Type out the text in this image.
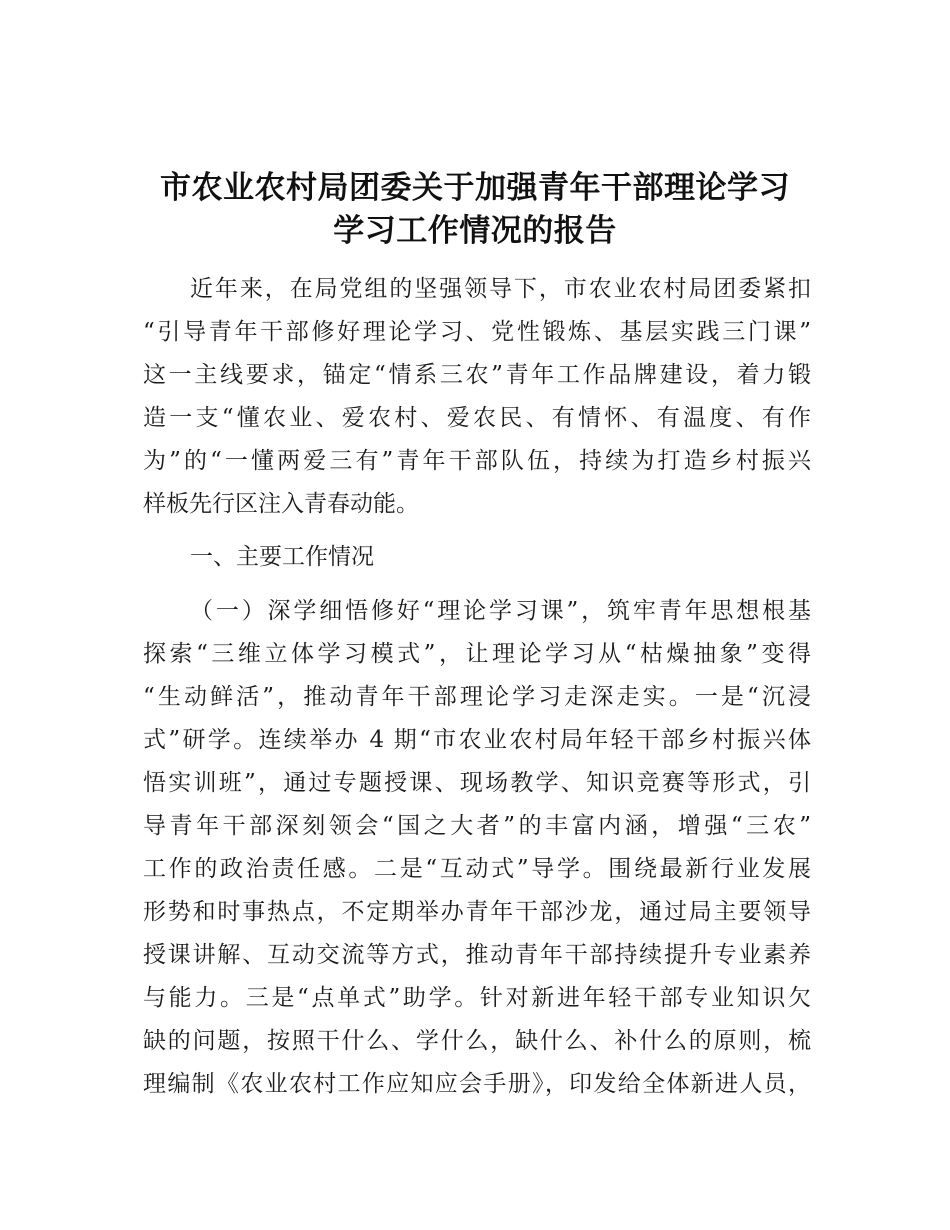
市农业农村局团委关于加强青年干部理论学习
学习工作情况的报告
近年来，在局党组的坚强领导下，市农业农村局团委紧扣
“引导青年干部修好理论学习、党性锻炼、基层实践三门课”
这一主线要求，锚定“情系三农”青年工作品牌建设，着力锻
造一支“懂农业、爱农村、爱农民、有情怀、有温度、有作
为”的“一懂两爱三有”青年干部队伍，持续为打造乡村振兴
样板先行区注入青春动能。
一、主要工作情况
（一）深学细悟修好“理论学习课”，筑牢青年思想根基
探索“三维立体学习模式”，让理论学习从“枯燥抽象”变得
“生动鲜活”，推动青年干部理论学习走深走实。一是“沉浸
式”研学。连续举办 4 期“市农业农村局年轻干部乡村振兴体
悟实训班”，通过专题授课、现场教学、知识竞赛等形式，引
导青年干部深刻领会“国之大者”的丰富内涵，增强“三农”
工作的政治责任感。二是“互动式”导学。围绕最新行业发展
形势和时事热点，不定期举办青年干部沙龙，通过局主要领导
授课讲解、互动交流等方式，推动青年干部持续提升专业素养
与能力。三是“点单式”助学。针对新进年轻干部专业知识欠
缺的问题，按照干什么、学什么，缺什么、补什么的原则，梳
理编制《农业农村工作应知应会手册》，印发给全体新进人员，
